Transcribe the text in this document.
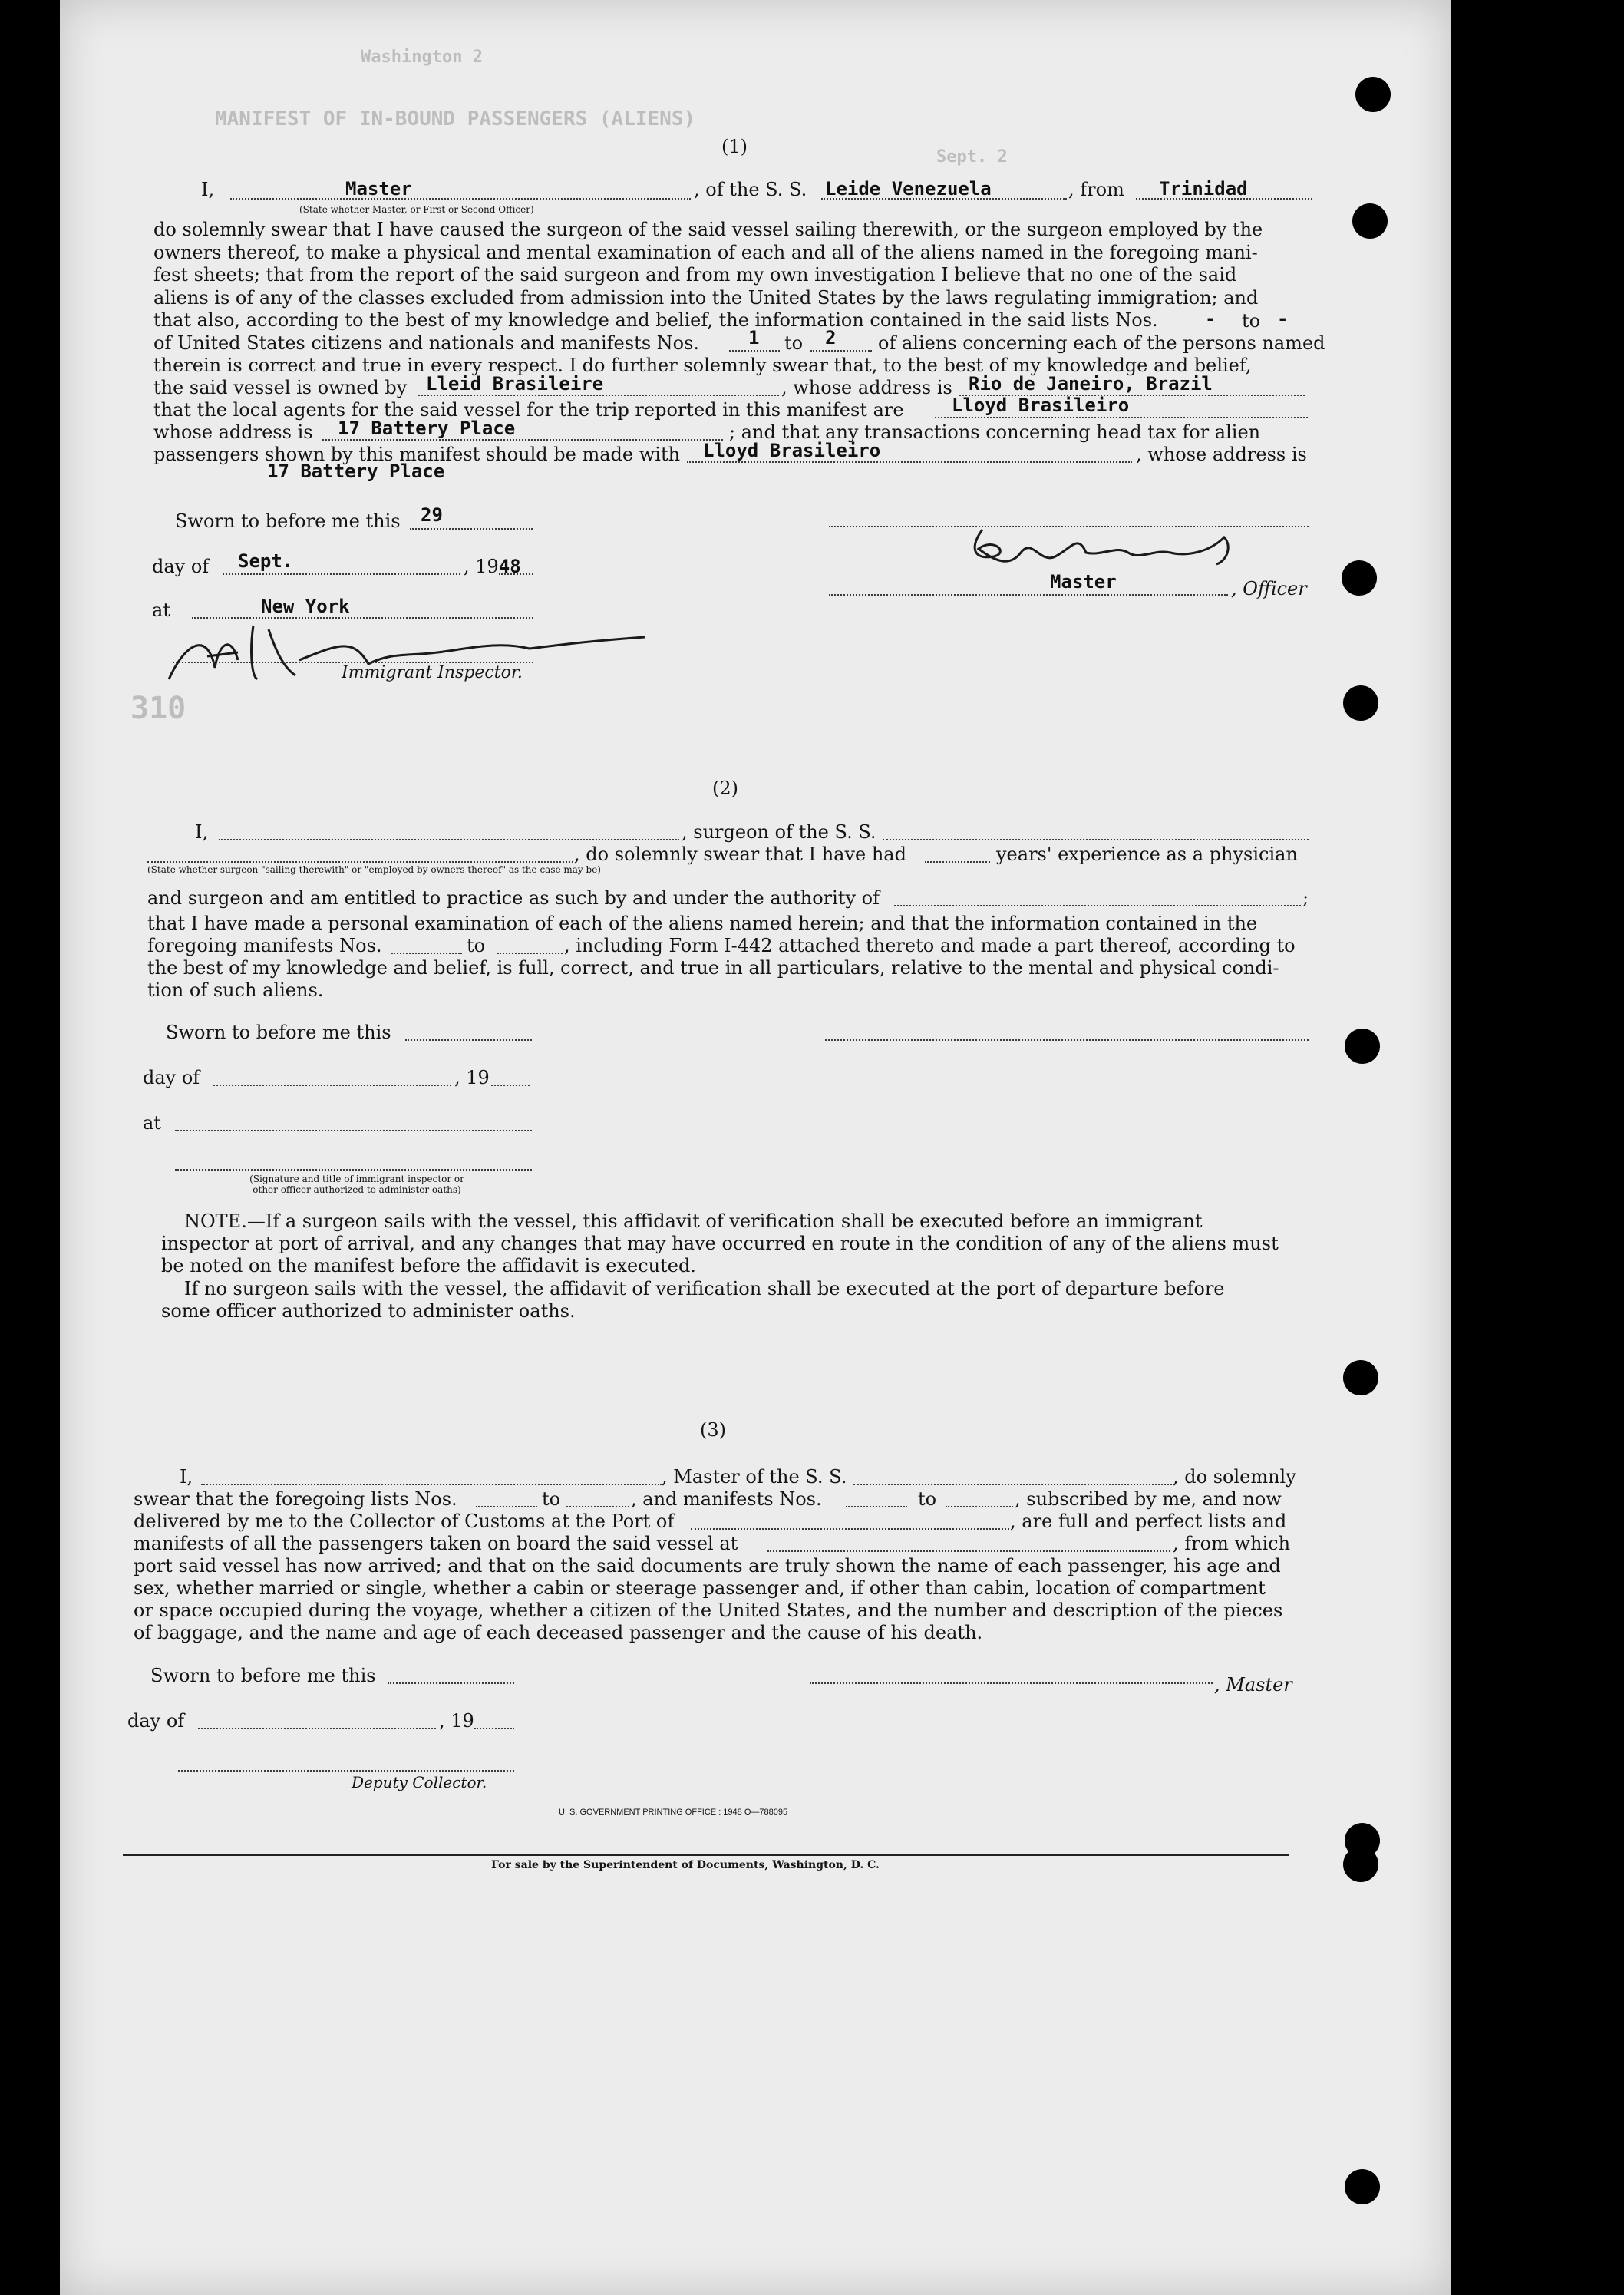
Washington 2
MANIFEST OF IN-BOUND PASSENGERS (ALIENS)
Sept. 2
(1)
I,	Master
(State whether Master, or First or Second Officer)
, of the S. S. Leide Venezuela	, from Trinidad
do solemnly swear that I have caused the surgeon of the said vessel sailing therewith, or the surgeon employed by the
owners thereof, to make a physical and mental examination of each and all of the aliens named in the foregoing mani-
fest sheets; that from the report of the said surgeon and from my own investigation I believe that no one of the said
aliens is of any of the classes excluded from admission into the United States by the laws regulating immigration; and
that also, according to the best of my knowledge and belief, the information contained in the said lists Nos.	- to -
of United States citizens and nationals and manifests Nos.	1 to 2 of aliens concerning each of the persons named
therein is correct and true in every respect. I do further solemnly swear that, to the best of my knowledge and belief,
the said vessel is owned by Lleid Brasileire	, whose address is Rio de Janeiro, Brazil
that the local agents for the said vessel for the trip reported in this manifest are	Lloyd Brasileiro
whose address is 17 Battery Place	; and that any transactions concerning head tax for alien
passengers shown by this manifest should be made with Lloyd Brasileiro	, whose address is
17 Battery Place
Sworn to before me this 29
day of Sept.	, 1948
at	New York
Immigrant Inspector.
310
Master	, Officer
(2)
I,	, surgeon of the S. S.
, do solemnly swear that I have had	years' experience as a physician
(State whether surgeon "sailing therewith" or "employed by owners thereof" as the case may be)
and surgeon and am entitled to practice as such by and under the authority of	;
that I have made a personal examination of each of the aliens named herein; and that the information contained in the
foregoing manifests Nos.	to	, including Form I-442 attached thereto and made a part thereof, according to
the best of my knowledge and belief, is full, correct, and true in all particulars, relative to the mental and physical condi-
tion of such aliens.
Sworn to before me this
day of	, 19
at
(Signature and title of immigrant inspector or
other officer authorized to administer oaths)
NOTE.—If a surgeon sails with the vessel, this affidavit of verification shall be executed before an immigrant
inspector at port of arrival, and any changes that may have occurred en route in the condition of any of the aliens must
be noted on the manifest before the affidavit is executed.
If no surgeon sails with the vessel, the affidavit of verification shall be executed at the port of departure before
some officer authorized to administer oaths.
(3)
I,	, Master of the S. S.	, do solemnly
swear that the foregoing lists Nos.	to	, and manifests Nos.	to	, subscribed by me, and now
delivered by me to the Collector of Customs at the Port of	, are full and perfect lists and
manifests of all the passengers taken on board the said vessel at	, from which
port said vessel has now arrived; and that on the said documents are truly shown the name of each passenger, his age and
sex, whether married or single, whether a cabin or steerage passenger and, if other than cabin, location of compartment
or space occupied during the voyage, whether a citizen of the United States, and the number and description of the pieces
of baggage, and the name and age of each deceased passenger and the cause of his death.
Sworn to before me this	, Master
day of	, 19
Deputy Collector.
U. S. GOVERNMENT PRINTING OFFICE : 1948 O—788095
For sale by the Superintendent of Documents, Washington, D. C.
